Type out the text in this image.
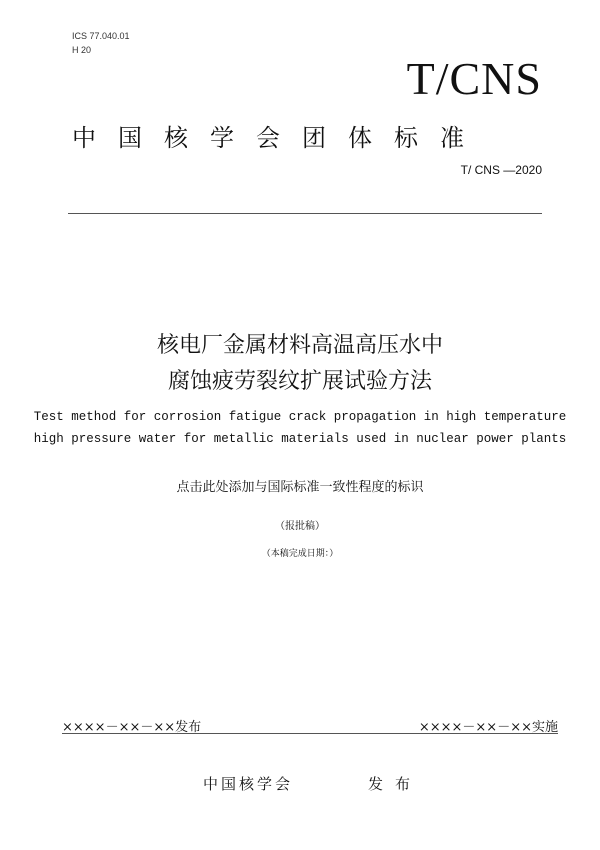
ICS 77.040.01
H 20
T/CNS
中国核学会团体标准
T/ CNS —2020
核电厂金属材料高温高压水中
腐蚀疲劳裂纹扩展试验方法
Test method for corrosion fatigue crack propagation in high temperature
high pressure water for metallic materials used in nuclear power plants
点击此处添加与国际标准一致性程度的标识
（报批稿）
（本稿完成日期：）
××××－××－××发布	××××－××－××实施
中国核学会	发布
